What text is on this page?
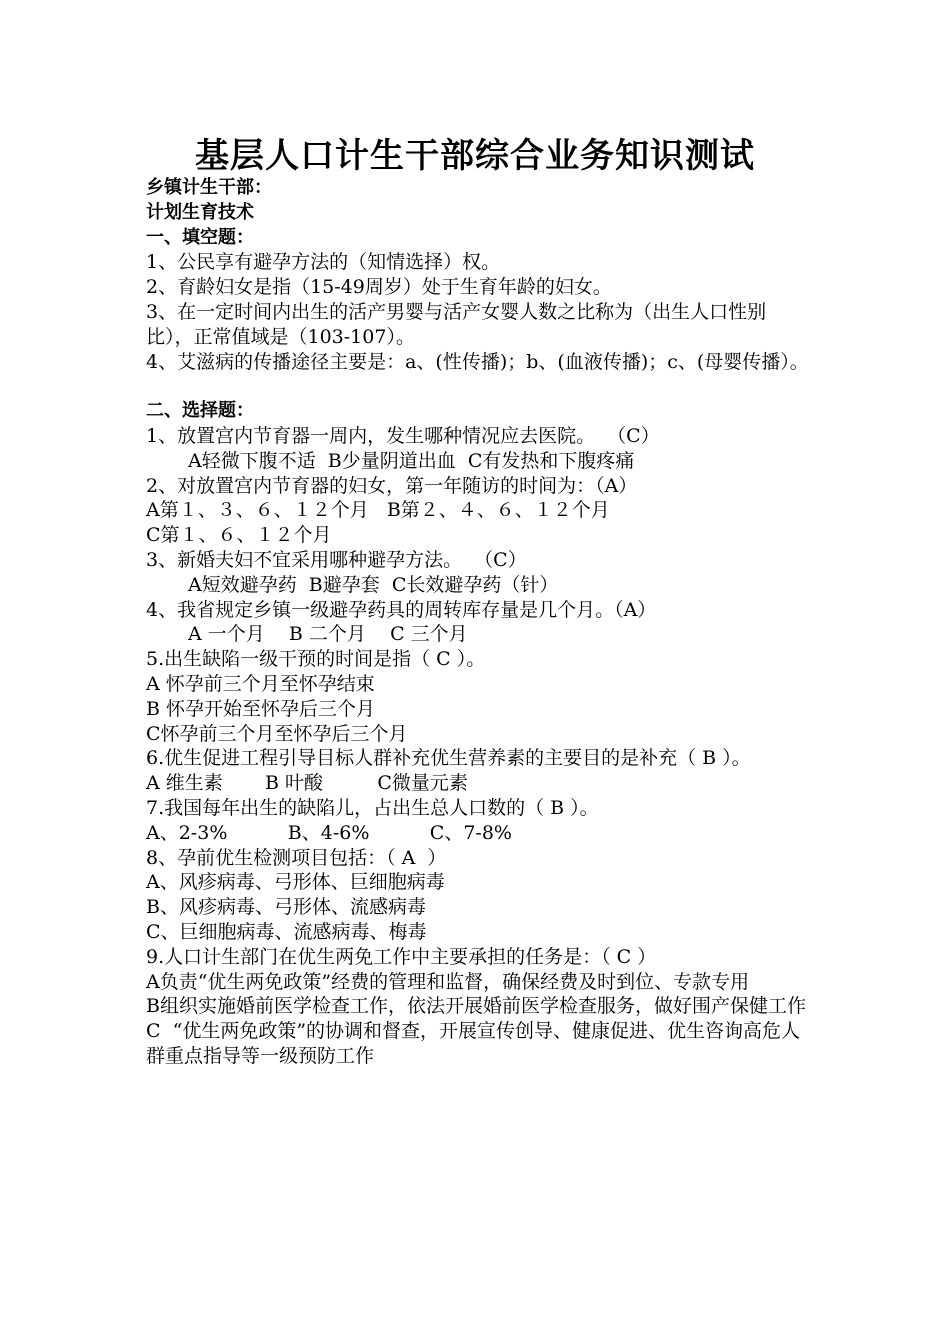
基层人口计生干部综合业务知识测试
乡镇计生干部：
计划生育技术
一、填空题：
1、公民享有避孕方法的（知情选择）权。
2、育龄妇女是指（15-49周岁）处于生育年龄的妇女。
3、在一定时间内出生的活产男婴与活产女婴人数之比称为（出生人口性别比），正常值域是（103-107）。
4、艾滋病的传播途径主要是：a、(性传播)；b、(血液传播)；c、(母婴传播）。
二、选择题：
1、放置宫内节育器一周内，发生哪种情况应去医院。  （C）
A轻微下腹不适  B少量阴道出血  C有发热和下腹疼痛
2、对放置宫内节育器的妇女，第一年随访的时间为：（A）
A第１、３、６、１２个月   B第２、４、６、１２个月
C第１、６、１２个月
3、新婚夫妇不宜采用哪种避孕方法。  （C）
A短效避孕药  B避孕套  C长效避孕药（针）
4、我省规定乡镇一级避孕药具的周转库存量是几个月。（A）
A 一个月    B 二个月    C 三个月
5.出生缺陷一级干预的时间是指（ C ）。
A 怀孕前三个月至怀孕结束
B 怀孕开始至怀孕后三个月
C怀孕前三个月至怀孕后三个月
6.优生促进工程引导目标人群补充优生营养素的主要目的是补充（ B ）。
A 维生素       B 叶酸         C微量元素
7.我国每年出生的缺陷儿，占出生总人口数的（ B ）。
A、2-3%          B、4-6%          C、7-8%
8、孕前优生检测项目包括：（ A  ）
A、风疹病毒、弓形体、巨细胞病毒
B、风疹病毒、弓形体、流感病毒
C、巨细胞病毒、流感病毒、梅毒
9.人口计生部门在优生两免工作中主要承担的任务是：（ C ）
A负责“优生两免政策”经费的管理和监督，确保经费及时到位、专款专用
B组织实施婚前医学检查工作，依法开展婚前医学检查服务，做好围产保健工作
C  “优生两免政策”的协调和督查，开展宣传创导、健康促进、优生咨询高危人群重点指导等一级预防工作
